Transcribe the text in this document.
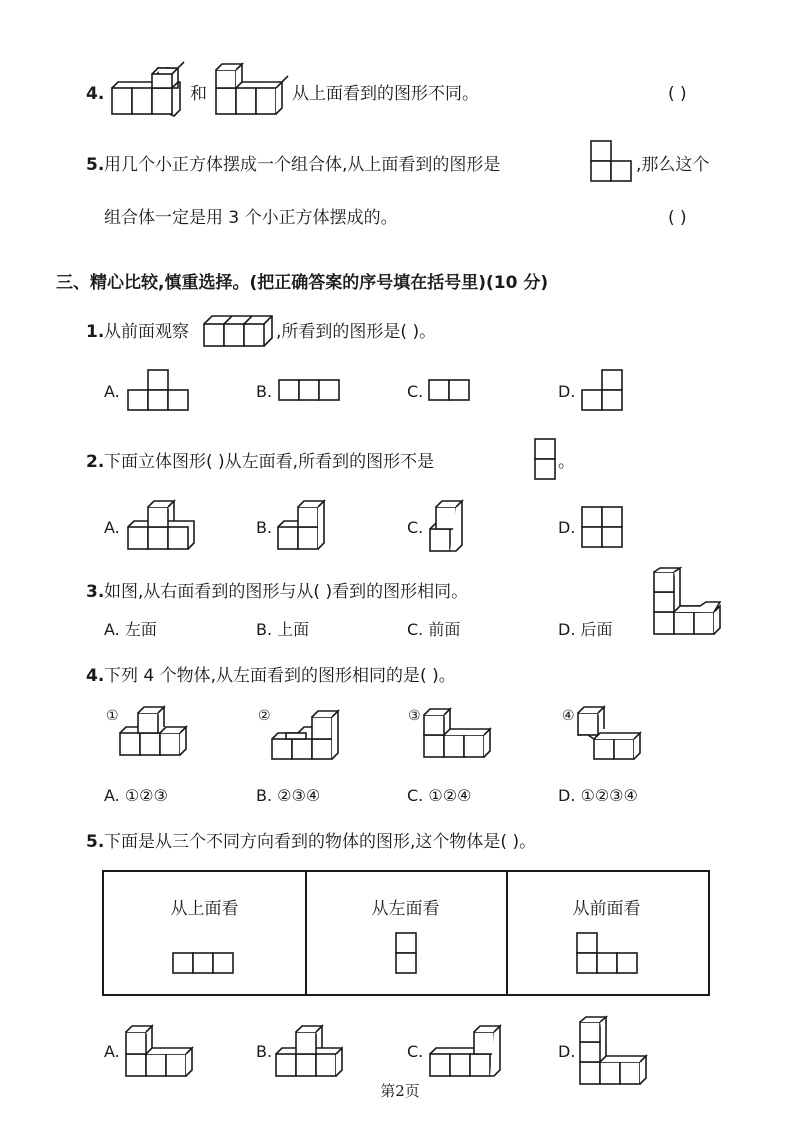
4.	和	从上面看到的图形不同。	( )
5. 用几个小正方体摆成一个组合体,从上面看到的图形是	,那么这个
组合体一定是用 3 个小正方体摆成的。	( )
三、精心比较,慎重选择。(把正确答案的序号填在括号里)(10 分)
1. 从前面观察	,所看到的图形是( )。
A.	B.	C.	D.
2. 下面立体图形( )从左面看,所看到的图形不是	。
A.	B.	C.	D.
3. 如图,从右面看到的图形与从( )看到的图形相同。
A. 左面	B. 上面	C. 前面	D. 后面
4. 下列 4 个物体,从左面看到的图形相同的是( )。
①	②	③	④
A. ①②③	B. ②③④	C. ①②④	D. ①②③④
5. 下面是从三个不同方向看到的物体的图形,这个物体是( )。
从上面看	从左面看	从前面看
A.	B.	C.	D.
第2页
